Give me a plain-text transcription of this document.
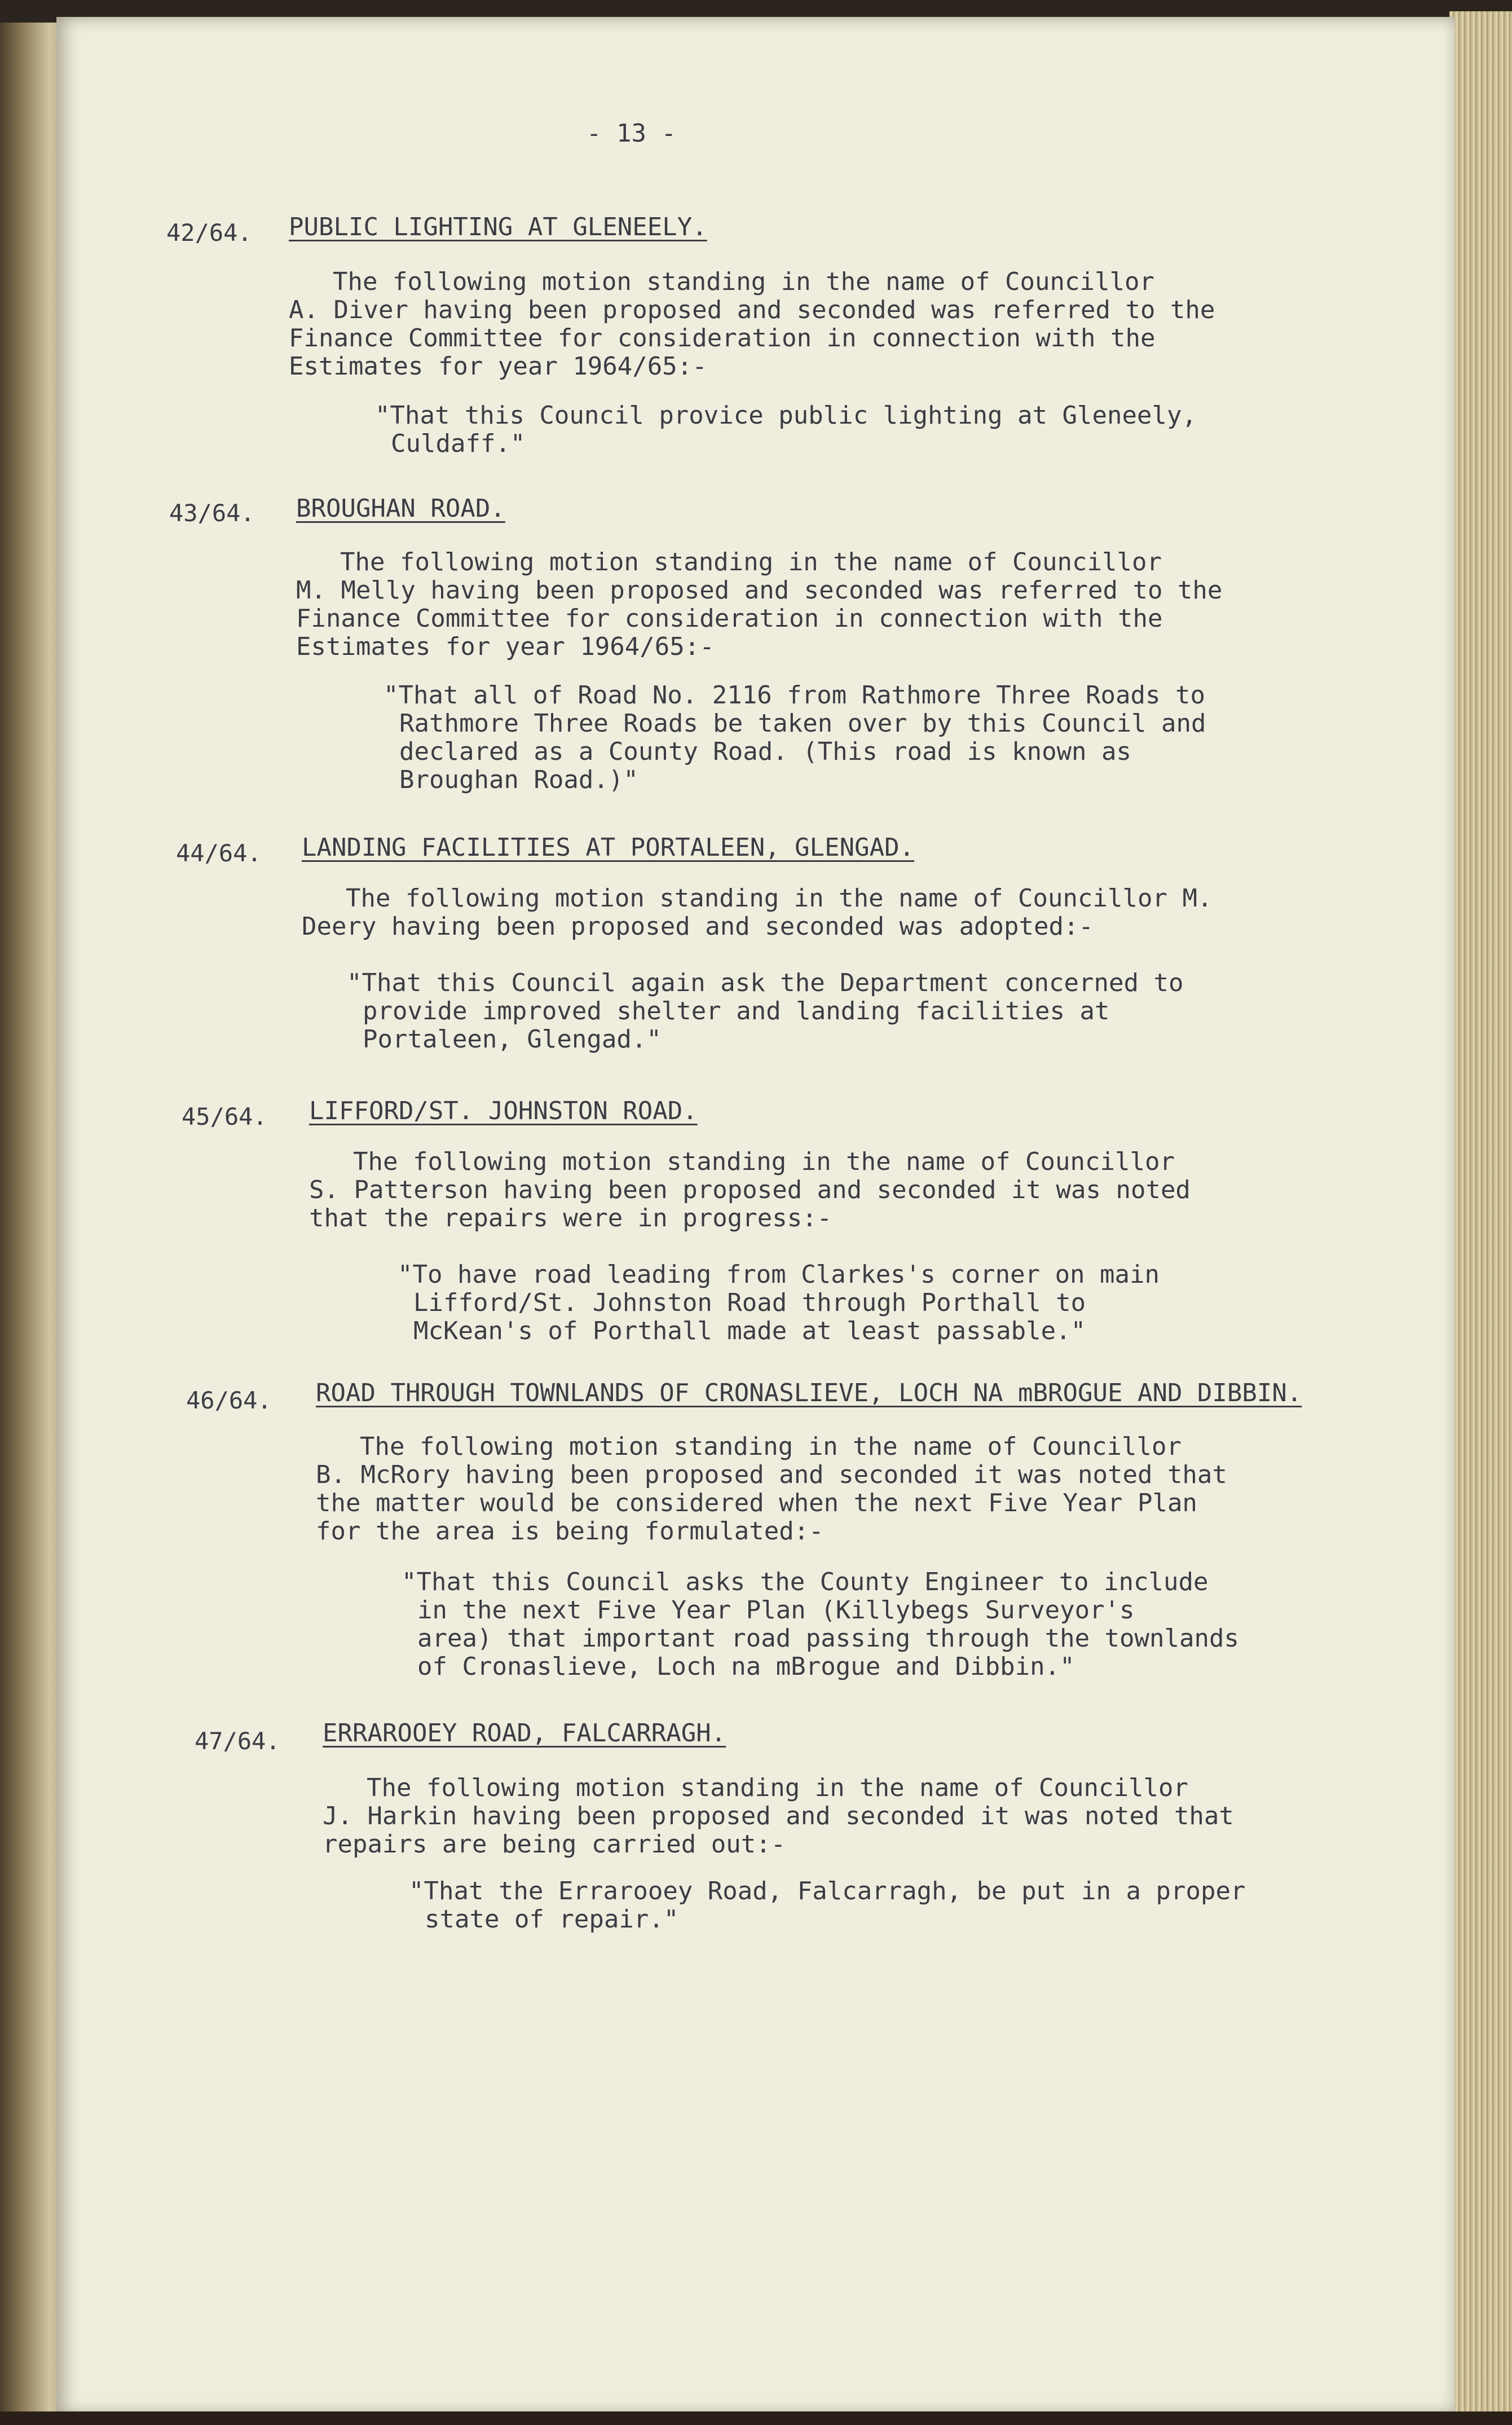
- 13 -
42/64. PUBLIC LIGHTING AT GLENEELY.
The following motion standing in the name of Councillor
A. Diver having been proposed and seconded was referred to the
Finance Committee for consideration in connection with the
Estimates for year 1964/65:-
"That this Council provice public lighting at Gleneely,
Culdaff."
43/64. BROUGHAN ROAD.
The following motion standing in the name of Councillor
M. Melly having been proposed and seconded was referred to the
Finance Committee for consideration in connection with the
Estimates for year 1964/65:-
"That all of Road No. 2116 from Rathmore Three Roads to
Rathmore Three Roads be taken over by this Council and
declared as a County Road. (This road is known as
Broughan Road.)"
44/64. LANDING FACILITIES AT PORTALEEN, GLENGAD.
The following motion standing in the name of Councillor M.
Deery having been proposed and seconded was adopted:-
"That this Council again ask the Department concerned to
provide improved shelter and landing facilities at
Portaleen, Glengad."
45/64. LIFFORD/ST. JOHNSTON ROAD.
The following motion standing in the name of Councillor
S. Patterson having been proposed and seconded it was noted
that the repairs were in progress:-
"To have road leading from Clarkes's corner on main
Lifford/St. Johnston Road through Porthall to
McKean's of Porthall made at least passable."
46/64. ROAD THROUGH TOWNLANDS OF CRONASLIEVE, LOCH NA mBROGUE AND DIBBIN.
The following motion standing in the name of Councillor
B. McRory having been proposed and seconded it was noted that
the matter would be considered when the next Five Year Plan
for the area is being formulated:-
"That this Council asks the County Engineer to include
in the next Five Year Plan (Killybegs Surveyor's
area) that important road passing through the townlands
of Cronaslieve, Loch na mBrogue and Dibbin."
47/64. ERRAROOEY ROAD, FALCARRAGH.
The following motion standing in the name of Councillor
J. Harkin having been proposed and seconded it was noted that
repairs are being carried out:-
"That the Errarooey Road, Falcarragh, be put in a proper
state of repair."
